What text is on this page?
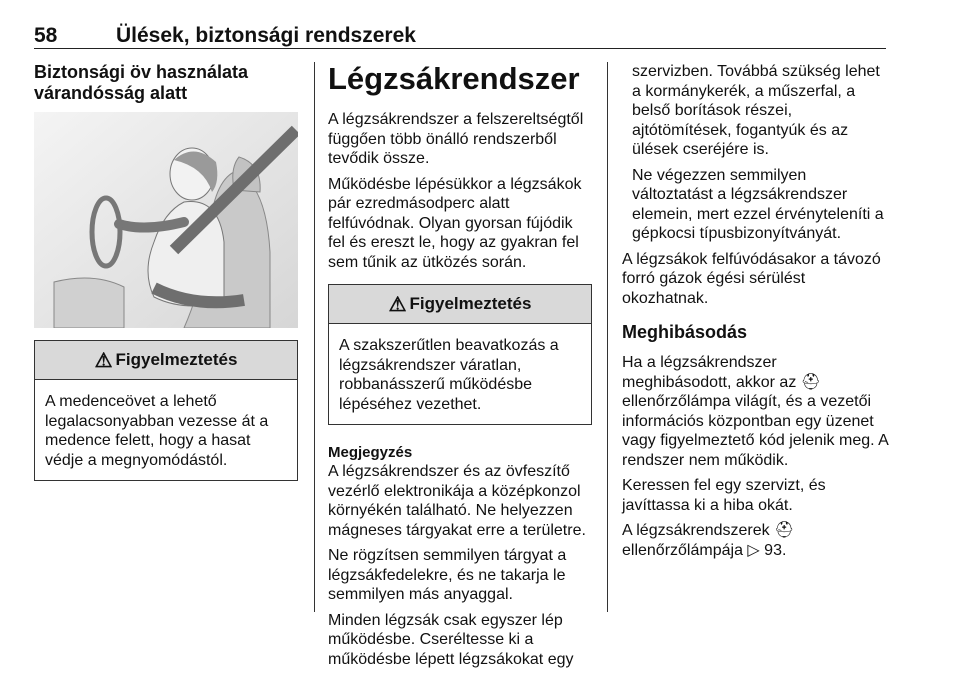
58	Ülések, biztonsági rendszerek
Biztonsági öv használata várandósság alatt
⚠ Figyelmeztetés
A medenceövet a lehető legalacsonyabban vezesse át a medence felett, hogy a hasat védje a megnyomódástól.
Légzsákrendszer

A légzsákrendszer a felszereltségtől függően több önálló rendszerből tevődik össze.

Működésbe lépésükkor a légzsákok pár ezredmásodperc alatt felfúvódnak. Olyan gyorsan fújódik fel és ereszt le, hogy az gyakran fel sem tűnik az ütközés során.

⚠ Figyelmeztetés
A szakszerűtlen beavatkozás a légzsákrendszer váratlan, robbanásszerű működésbe lépéséhez vezethet.
Megjegyzés

A légzsákrendszer és az övfeszítő vezérlő elektronikája a középkonzol környékén található. Ne helyezzen mágneses tárgyakat erre a területre.

Ne rögzítsen semmilyen tárgyat a légzsákfedelekre, és ne takarja le semmilyen más anyaggal.

Minden légzsák csak egyszer lép működésbe. Cseréltesse ki a működésbe lépett légzsákokat egy

szervizben. Továbbá szükség lehet a kormánykerék, a műszerfal, a belső borítások részei, ajtótömítések, fogantyúk és az ülések cseréjére is.

Ne végezzen semmilyen változtatást a légzsákrendszer elemein, mert ezzel érvényteleníti a gépkocsi típusbizonyítványát.

A légzsákok felfúvódásakor a távozó forró gázok égési sérülést okozhatnak.

Meghibásodás

Ha a légzsákrendszer meghibásodott, akkor az ⛑ ellenőrzőlámpa világít, és a vezetői információs központban egy üzenet vagy figyelmeztető kód jelenik meg. A rendszer nem működik.

Keressen fel egy szervizt, és javíttassa ki a hiba okát.

A légzsákrendszerek ⛑ ellenőrzőlámpája ▷ 93.
